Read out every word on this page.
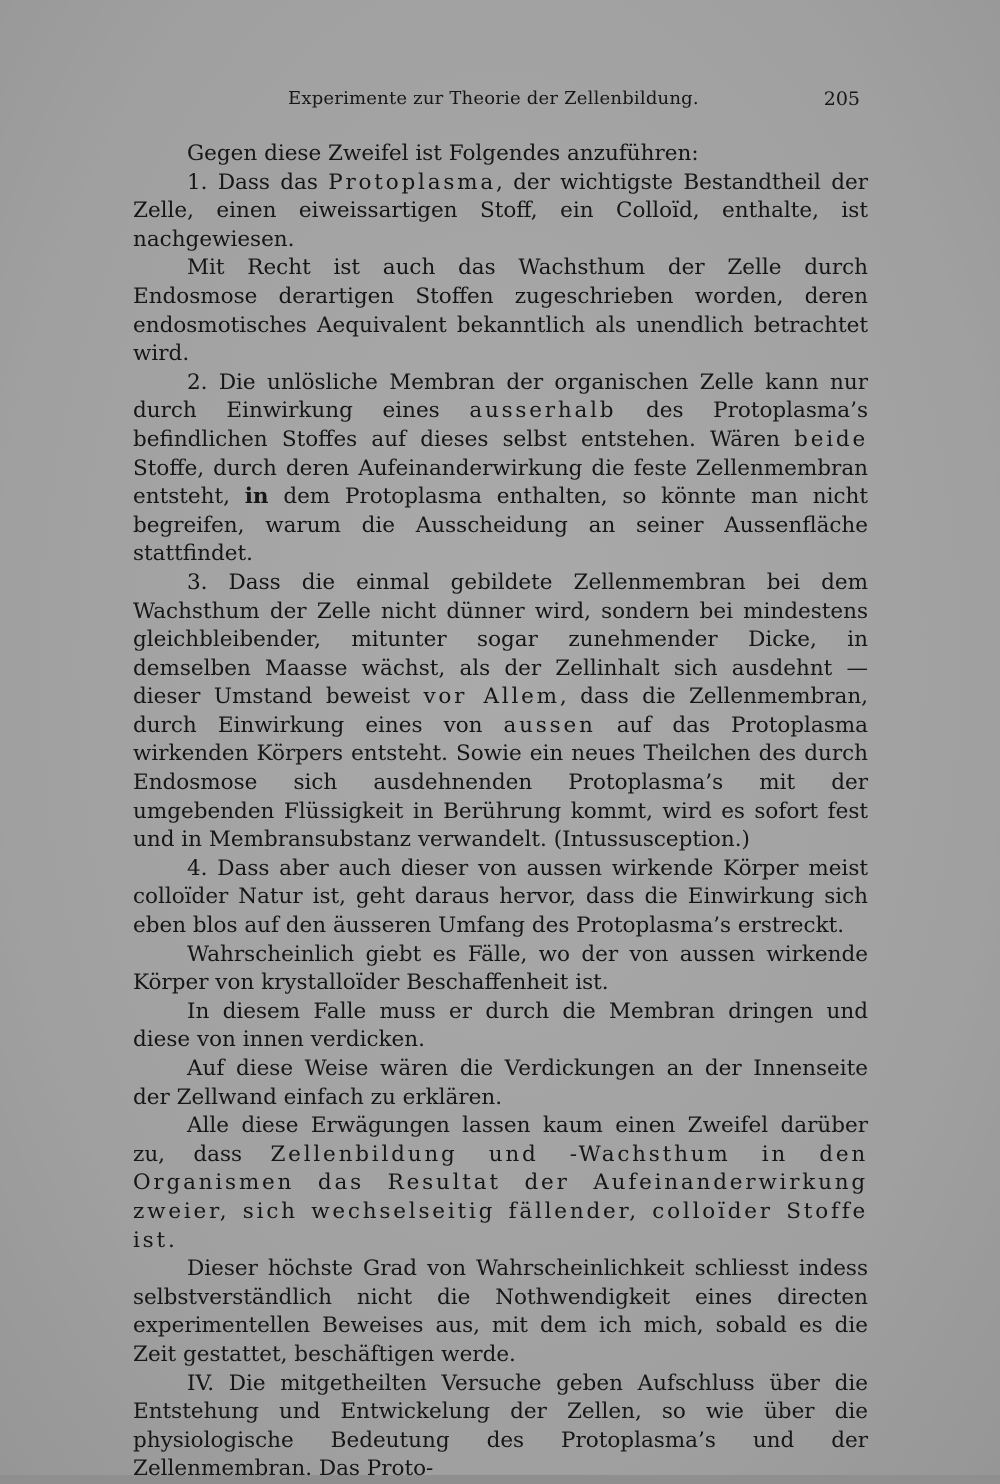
Experimente zur Theorie der Zellenbildung.	205

Gegen diese Zweifel ist Folgendes anzuführen:

1. Dass das Protoplasma, der wichtigste Bestandtheil der Zelle, einen eiweissartigen Stoff, ein Colloïd, enthalte, ist nachgewiesen.

Mit Recht ist auch das Wachsthum der Zelle durch Endosmose derartigen Stoffen zugeschrieben worden, deren endosmotisches Aequivalent bekanntlich als unendlich betrachtet wird.

2. Die unlösliche Membran der organischen Zelle kann nur durch Einwirkung eines ausserhalb des Protoplasma’s befindlichen Stoffes auf dieses selbst entstehen. Wären beide Stoffe, durch deren Aufeinanderwirkung die feste Zellenmembran entsteht, in dem Protoplasma enthalten, so könnte man nicht begreifen, warum die Ausscheidung an seiner Aussenfläche stattfindet.

3. Dass die einmal gebildete Zellenmembran bei dem Wachsthum der Zelle nicht dünner wird, sondern bei mindestens gleichbleibender, mitunter sogar zunehmender Dicke, in demselben Maasse wächst, als der Zellinhalt sich ausdehnt — dieser Umstand beweist vor Allem, dass die Zellenmembran, durch Einwirkung eines von aussen auf das Protoplasma wirkenden Körpers entsteht. Sowie ein neues Theilchen des durch Endosmose sich ausdehnenden Protoplasma’s mit der umgebenden Flüssigkeit in Berührung kommt, wird es sofort fest und in Membransubstanz verwandelt. (Intussusception.)

4. Dass aber auch dieser von aussen wirkende Körper meist colloïder Natur ist, geht daraus hervor, dass die Einwirkung sich eben blos auf den äusseren Umfang des Protoplasma’s erstreckt.

Wahrscheinlich giebt es Fälle, wo der von aussen wirkende Körper von krystalloïder Beschaffenheit ist.

In diesem Falle muss er durch die Membran dringen und diese von innen verdicken.

Auf diese Weise wären die Verdickungen an der Innenseite der Zellwand einfach zu erklären.

Alle diese Erwägungen lassen kaum einen Zweifel darüber zu, dass Zellenbildung und -Wachsthum in den Organismen das Resultat der Aufeinanderwirkung zweier, sich wechselseitig fällender, colloïder Stoffe ist.

Dieser höchste Grad von Wahrscheinlichkeit schliesst indess selbstverständlich nicht die Nothwendigkeit eines directen experimentellen Beweises aus, mit dem ich mich, sobald es die Zeit gestattet, beschäftigen werde.

IV. Die mitgetheilten Versuche geben Aufschluss über die Entstehung und Entwickelung der Zellen, so wie über die physiologische Bedeutung des Protoplasma’s und der Zellenmembran. Das Proto-
